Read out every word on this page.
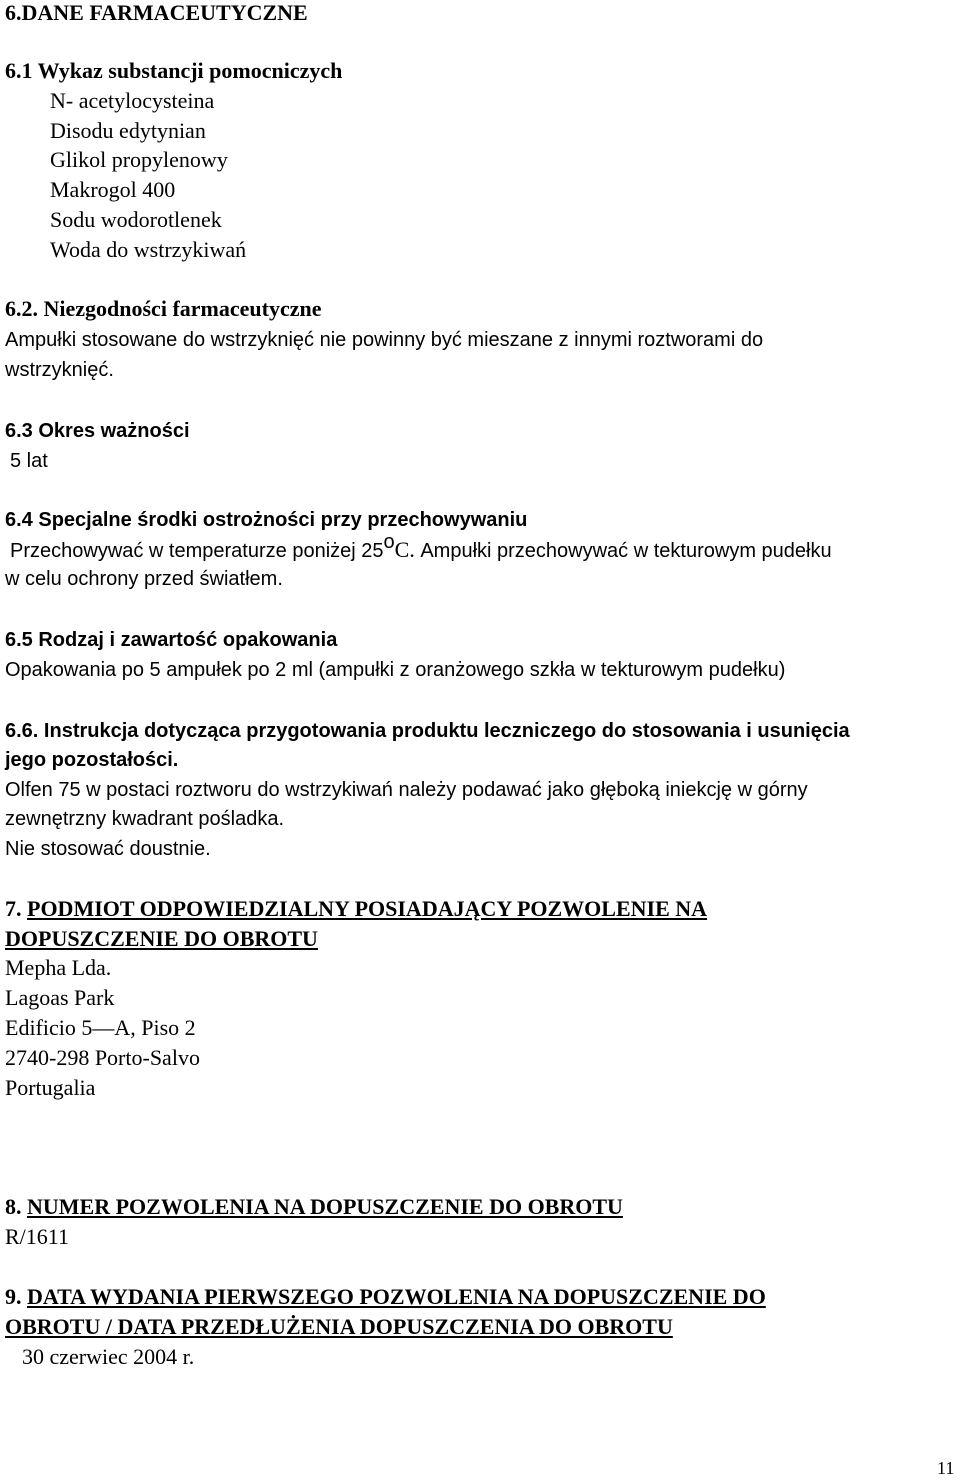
6.DANE FARMACEUTYCZNE
6.1 Wykaz substancji pomocniczych
N- acetylocysteina
Disodu edytynian
Glikol propylenowy
Makrogol 400
Sodu wodorotlenek
Woda do wstrzykiwań
6.2. Niezgodności farmaceutyczne
Ampułki stosowane do wstrzyknięć nie powinny być mieszane z innymi roztworami do
wstrzyknięć.
6.3 Okres ważności
5 lat
6.4 Specjalne środki ostrożności przy przechowywaniu
Przechowywać w temperaturze poniżej 25$^o$C. Ampułki przechowywać w tekturowym pudełku
w celu ochrony przed światłem.
6.5 Rodzaj i zawartość opakowania
Opakowania po 5 ampułek po 2 ml (ampułki z oranżowego szkła w tekturowym pudełku)
6.6. Instrukcja dotycząca przygotowania produktu leczniczego do stosowania i usunięcia
jego pozostałości.
Olfen 75 w postaci roztworu do wstrzykiwań należy podawać jako głęboką iniekcję w górny
zewnętrzny kwadrant pośladka.
Nie stosować doustnie.
7. PODMIOT ODPOWIEDZIALNY POSIADAJĄCY POZWOLENIE NA
DOPUSZCZENIE DO OBROTU
Mepha Lda.
Lagoas Park
Edificio 5—A, Piso 2
2740-298 Porto-Salvo
Portugalia
8. NUMER POZWOLENIA NA DOPUSZCZENIE DO OBROTU
R/1611
9. DATA WYDANIA PIERWSZEGO POZWOLENIA NA DOPUSZCZENIE DO
OBROTU / DATA PRZEDŁUŻENIA DOPUSZCZENIA DO OBROTU
30 czerwiec 2004 r.
11
